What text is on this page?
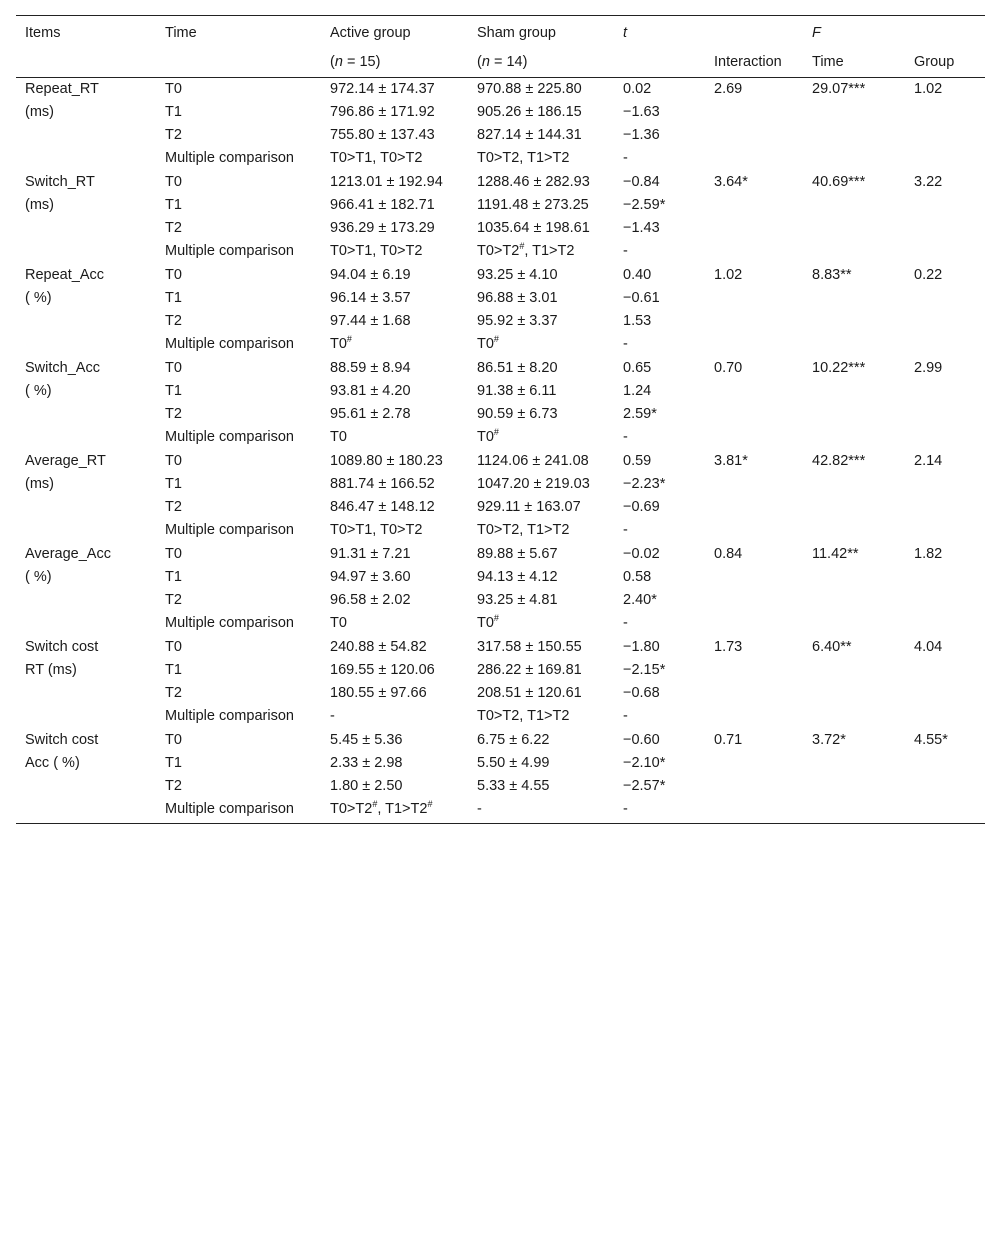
Items	Time	Active group	Sham group	t		F	
		(n = 15)	(n = 14)		Interaction	Time	Group
Repeat_RT	T0	972.14 ± 174.37	970.88 ± 225.80	0.02	2.69	29.07***	1.02
(ms)	T1	796.86 ± 171.92	905.26 ± 186.15	−1.63			
	T2	755.80 ± 137.43	827.14 ± 144.31	−1.36			
	Multiple comparison	T0>T1, T0>T2	T0>T2, T1>T2	-			
Switch_RT	T0	1213.01 ± 192.94	1288.46 ± 282.93	−0.84	3.64*	40.69***	3.22
(ms)	T1	966.41 ± 182.71	1191.48 ± 273.25	−2.59*			
	T2	936.29 ± 173.29	1035.64 ± 198.61	−1.43			
	Multiple comparison	T0>T1, T0>T2	T0>T2#, T1>T2	-			
Repeat_Acc	T0	94.04 ± 6.19	93.25 ± 4.10	0.40	1.02	8.83**	0.22
( %)	T1	96.14 ± 3.57	96.88 ± 3.01	−0.61			
	T2	97.44 ± 1.68	95.92 ± 3.37	1.53			
	Multiple comparison	T0#	T0#	-			
Switch_Acc	T0	88.59 ± 8.94	86.51 ± 8.20	0.65	0.70	10.22***	2.99
( %)	T1	93.81 ± 4.20	91.38 ± 6.11	1.24			
	T2	95.61 ± 2.78	90.59 ± 6.73	2.59*			
	Multiple comparison	T0	T0#	-			
Average_RT	T0	1089.80 ± 180.23	1124.06 ± 241.08	0.59	3.81*	42.82***	2.14
(ms)	T1	881.74 ± 166.52	1047.20 ± 219.03	−2.23*			
	T2	846.47 ± 148.12	929.11 ± 163.07	−0.69			
	Multiple comparison	T0>T1, T0>T2	T0>T2, T1>T2	-			
Average_Acc	T0	91.31 ± 7.21	89.88 ± 5.67	−0.02	0.84	11.42**	1.82
( %)	T1	94.97 ± 3.60	94.13 ± 4.12	0.58			
	T2	96.58 ± 2.02	93.25 ± 4.81	2.40*			
	Multiple comparison	T0	T0#	-			
Switch cost	T0	240.88 ± 54.82	317.58 ± 150.55	−1.80	1.73	6.40**	4.04
RT (ms)	T1	169.55 ± 120.06	286.22 ± 169.81	−2.15*			
	T2	180.55 ± 97.66	208.51 ± 120.61	−0.68			
	Multiple comparison	-	T0>T2, T1>T2	-			
Switch cost	T0	5.45 ± 5.36	6.75 ± 6.22	−0.60	0.71	3.72*	4.55*
Acc ( %)	T1	2.33 ± 2.98	5.50 ± 4.99	−2.10*			
	T2	1.80 ± 2.50	5.33 ± 4.55	−2.57*			
	Multiple comparison	T0>T2#, T1>T2#	-	-			
